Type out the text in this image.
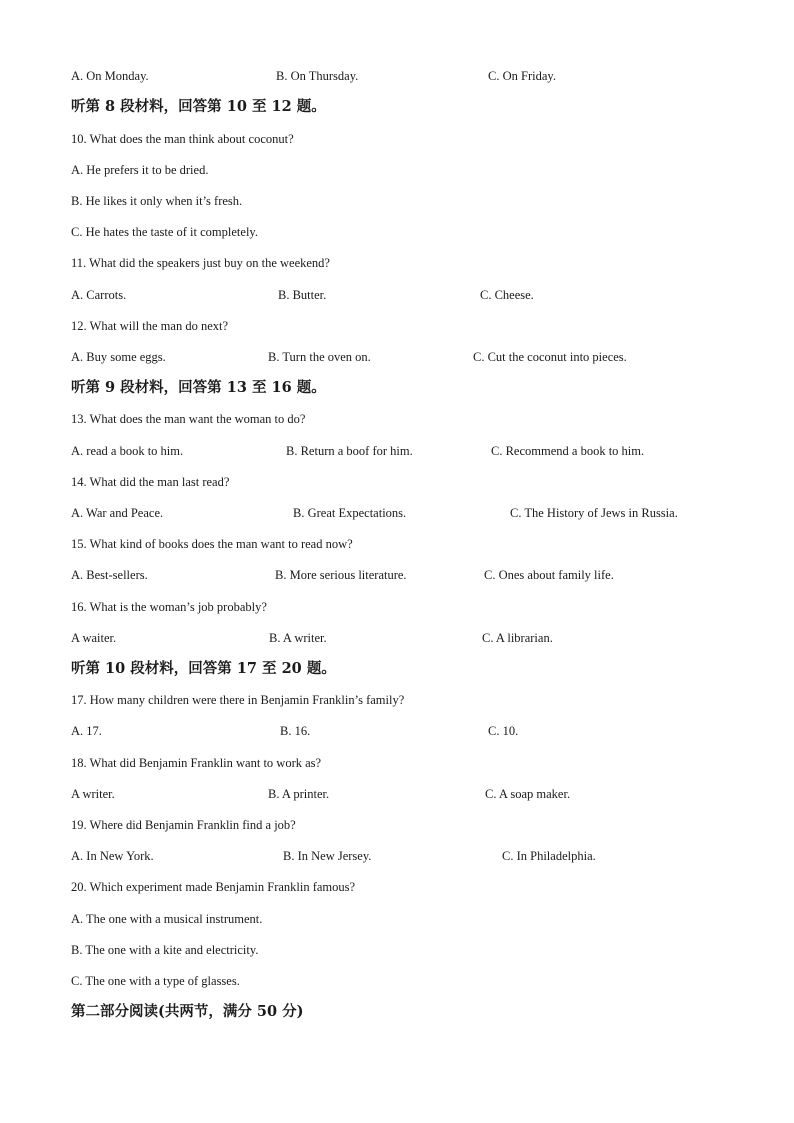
A. On Monday.	B. On Thursday.	C. On Friday.
听第 8 段材料，回答第 10 至 12 题。
10. What does the man think about coconut?
A. He prefers it to be dried.
B. He likes it only when it’s fresh.
C. He hates the taste of it completely.
11. What did the speakers just buy on the weekend?
A. Carrots.	B. Butter.	C. Cheese.
12. What will the man do next?
A. Buy some eggs.	B. Turn the oven on.	C. Cut the coconut into pieces.
听第 9 段材料，回答第 13 至 16 题。
13. What does the man want the woman to do?
A. read a book to him.	B. Return a boof for him.	C. Recommend a book to him.
14. What did the man last read?
A. War and Peace.	B. Great Expectations.	C. The History of Jews in Russia.
15. What kind of books does the man want to read now?
A. Best-sellers.	B. More serious literature.	C. Ones about family life.
16. What is the woman’s job probably?
A waiter.	B. A writer.	C. A librarian.
听第 10 段材料，回答第 17 至 20 题。
17. How many children were there in Benjamin Franklin’s family?
A. 17.	B. 16.	C. 10.
18. What did Benjamin Franklin want to work as?
A writer.	B. A printer.	C. A soap maker.
19. Where did Benjamin Franklin find a job?
A. In New York.	B. In New Jersey.	C. In Philadelphia.
20. Which experiment made Benjamin Franklin famous?
A. The one with a musical instrument.
B. The one with a kite and electricity.
C. The one with a type of glasses.
第二部分阅读(共两节，满分 50 分)
